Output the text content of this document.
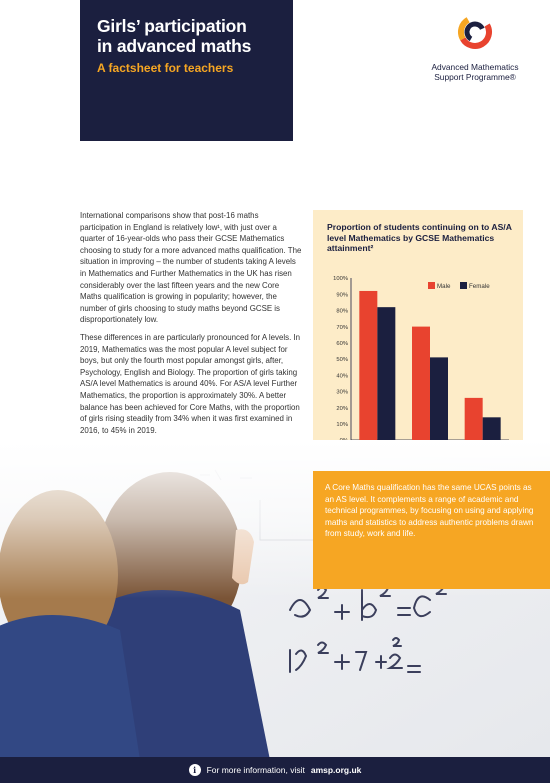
Girls’ participation
in advanced maths
A factsheet for teachers	Advanced Mathematics
Support Programme®

International comparisons show that post-16 maths participation in England is relatively low¹, with just over a quarter of 16-year-olds who pass their GCSE Mathematics choosing to study for a more advanced maths qualification. The situation in improving – the number of students taking A levels in Mathematics and Further Mathematics in the UK has risen considerably over the last fifteen years and the new Core Maths qualification is growing in popularity; however, the number of girls choosing to study maths beyond GCSE is disproportionately low.

These differences in are particularly pronounced for A levels. In 2019, Mathematics was the most popular A level subject for boys, but only the fourth most popular amongst girls, after, Psychology, English and Biology. The proportion of girls taking AS/A level Mathematics is around 40%. For AS/A level Further Mathematics, the proportion is approximately 30%. A better balance has been achieved for Core Maths, with the proportion of girls rising steadily from 34% when it was first examined in 2016, to 45% in 2019.

Proportion of students continuing on to AS/A level Mathematics by GCSE Mathematics attainment²
10%
20%
30%
40%
50%
60%
70%
80%
90%
100%
Male	Female
A Core Maths qualification has the same UCAS points as an AS level. It complements a range of academic and technical programmes, by focusing on using and applying maths and statistics to address authentic problems drawn from study, work and life.
i	For more information, visit amsp.org.uk
